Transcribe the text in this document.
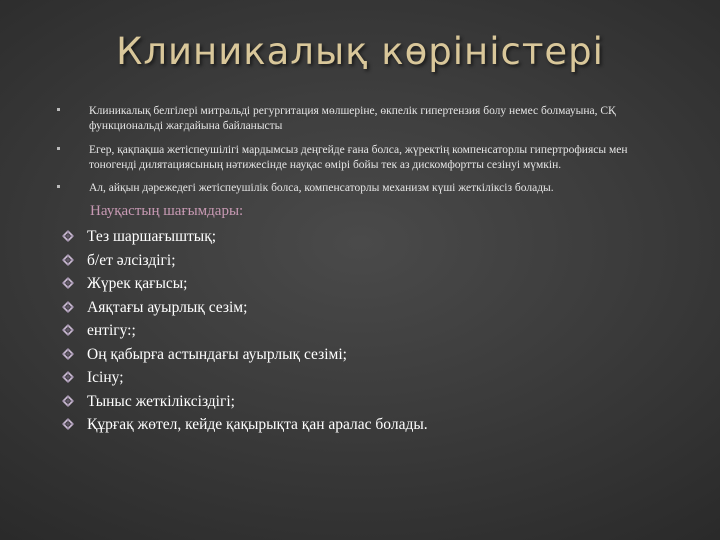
Клиникалық көріністері
Клиникалық белгілері митральді регургитация мөлшеріне, өкпелік гипертензия болу немес болмауына, СҚ функциональді жағдайына байланысты
Егер, қақпақша жетіспеушілігі мардымсыз деңгейде ғана болса, жүректің компенсаторлы гипертрофиясы мен тоногенді дилятациясының нәтижесінде науқас өмірі бойы тек аз дискомфортты сезінуі мүмкін.
Ал, айқын дәрежедегі жетіспеушілік болса, компенсаторлы механизм күші жеткіліксіз болады.
Науқастың шағымдары:
Тез шаршағыштық;
б/ет әлсіздігі;
Жүрек қағысы;
Аяқтағы ауырлық сезім;
ентігу:;
Оң қабырға астындағы ауырлық сезімі;
Ісіну;
Тыныс жеткіліксіздігі;
Құрғақ жөтел, кейде қақырықта қан аралас болады.
